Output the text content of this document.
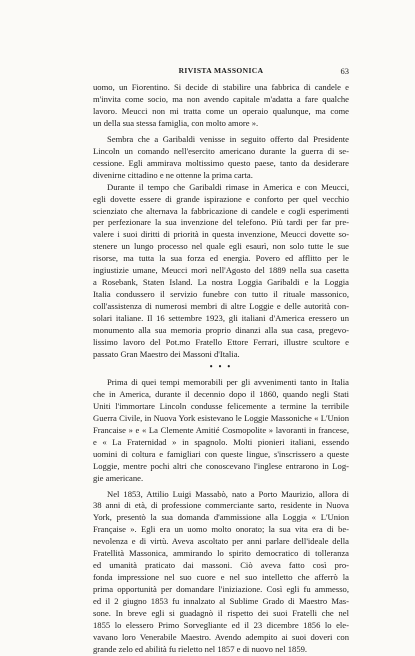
RIVISTA MASSONICA	63
uomo, un Fiorentino. Si decide di stabilire una fabbrica di candele e
m'invita come socio, ma non avendo capitale m'adatta a fare qualche
lavoro. Meucci non mi tratta come un operaio qualunque, ma come
un della sua stessa famiglia, con molto amore ».
Sembra che a Garibaldi venisse in seguito offerto dal Presidente
Lincoln un comando nell'esercito americano durante la guerra di se-
cessione. Egli ammirava moltissimo questo paese, tanto da desiderare
divenirne cittadino e ne ottenne la prima carta.
Durante il tempo che Garibaldi rimase in America e con Meucci,
egli dovette essere di grande ispirazione e conforto per quel vecchio
scienziato che alternava la fabbricazione di candele e cogli esperimenti
per perfezionare la sua invenzione del telefono. Più tardi per far pre-
valere i suoi diritti di priorità in questa invenzione, Meucci dovette so-
stenere un lungo processo nel quale egli esaurì, non solo tutte le sue
risorse, ma tutta la sua forza ed energia. Povero ed afflitto per le
ingiustizie umane, Meucci morì nell'Agosto del 1889 nella sua casetta
a Rosebank, Staten Island. La nostra Loggia Garibaldi e la Loggia
Italia condussero il servizio funebre con tutto il rituale massonico,
coll'assistenza di numerosi membri di altre Loggie e delle autorità con-
solari italiane. Il 16 settembre 1923, gli italiani d'America eressero un
monumento alla sua memoria proprio dinanzi alla sua casa, pregevo-
lissimo lavoro del Pot.mo Fratello Ettore Ferrari, illustre scultore e
passato Gran Maestro dei Massoni d'Italia.
• • •
Prima di quei tempi memorabili per gli avvenimenti tanto in Italia
che in America, durante il decennio dopo il 1860, quando negli Stati
Uniti l'immortare Lincoln condusse felicemente a termine la terribile
Guerra Civile, in Nuova York esistevano le Loggie Massoniche « L'Union
Francaise » e « La Clemente Amitié Cosmopolite » lavoranti in francese,
e « La Fraternidad » in spagnolo. Molti pionieri italiani, essendo
uomini di coltura e famigliari con queste lingue, s'inscrissero a queste
Loggie, mentre pochi altri che conoscevano l'inglese entrarono in Log-
gie americane.
Nel 1853, Attilio Luigi Massabò, nato a Porto Maurizio, allora di
38 anni di età, di professione commerciante sarto, residente in Nuova
York, presentò la sua domanda d'ammissione alla Loggia « L'Union
Française ». Egli era un uomo molto onorato; la sua vita era di be-
nevolenza e di virtù. Aveva ascoltato per anni parlare dell'ideale della
Fratellità Massonica, ammirando lo spirito democratico di tolleranza
ed umanità praticato dai massoni. Ciò aveva fatto così pro-
fonda impressione nel suo cuore e nel suo intelletto che afferrò la
prima opportunità per domandare l'iniziazione. Così egli fu ammesso,
ed il 2 giugno 1853 fu innalzato al Sublime Grado di Maestro Mas-
sone. In breve egli si guadagnò il rispetto dei suoi Fratelli che nel
1855 lo elessero Primo Sorvegliante ed il 23 dicembre 1856 lo ele-
vavano loro Venerabile Maestro. Avendo adempito ai suoi doveri con
grande zelo ed abilità fu rieletto nel 1857 e di nuovo nel 1859.
